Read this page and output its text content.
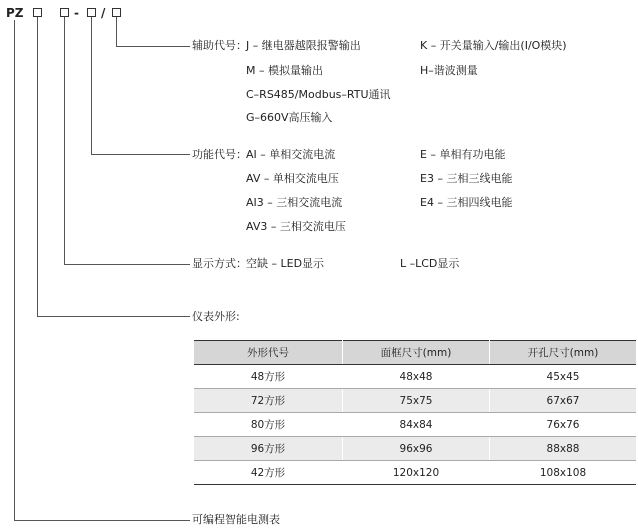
PZ	- /
辅助代号： J – 继电器越限报警输出	K – 开关量输入/输出(I/O模块)
M – 模拟量输出	H–谐波测量
C–RS485/Modbus–RTU通讯
G–660V高压输入
功能代号： AI – 单相交流电流	E – 单相有功电能
AV – 单相交流电压	E3 – 三相三线电能
AI3 – 三相交流电流	E4 – 三相四线电能
AV3 – 三相交流电压
显示方式： 空缺 – LED显示	L –LCD显示
仪表外形:
外形代号	面框尺寸(mm)	开孔尺寸(mm)
48方形	48x48	45x45
72方形	75x75	67x67
80方形	84x84	76x76
96方形	96x96	88x88
42方形	120x120	108x108
可编程智能电测表
